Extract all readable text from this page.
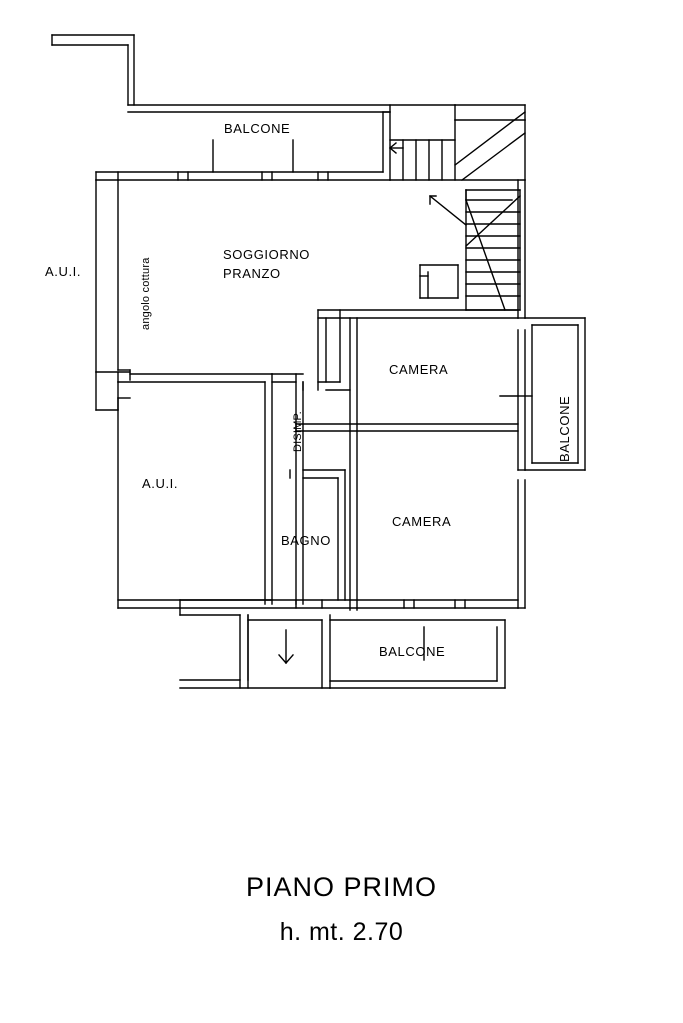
BALCONE
SOGGIORNO
PRANZO
angolo cottura
A.U.I.
A.U.I.
DISIMP.
CAMERA
CAMERA
BAGNO
BALCONE
BALCONE
PIANO PRIMO
h. mt. 2.70
